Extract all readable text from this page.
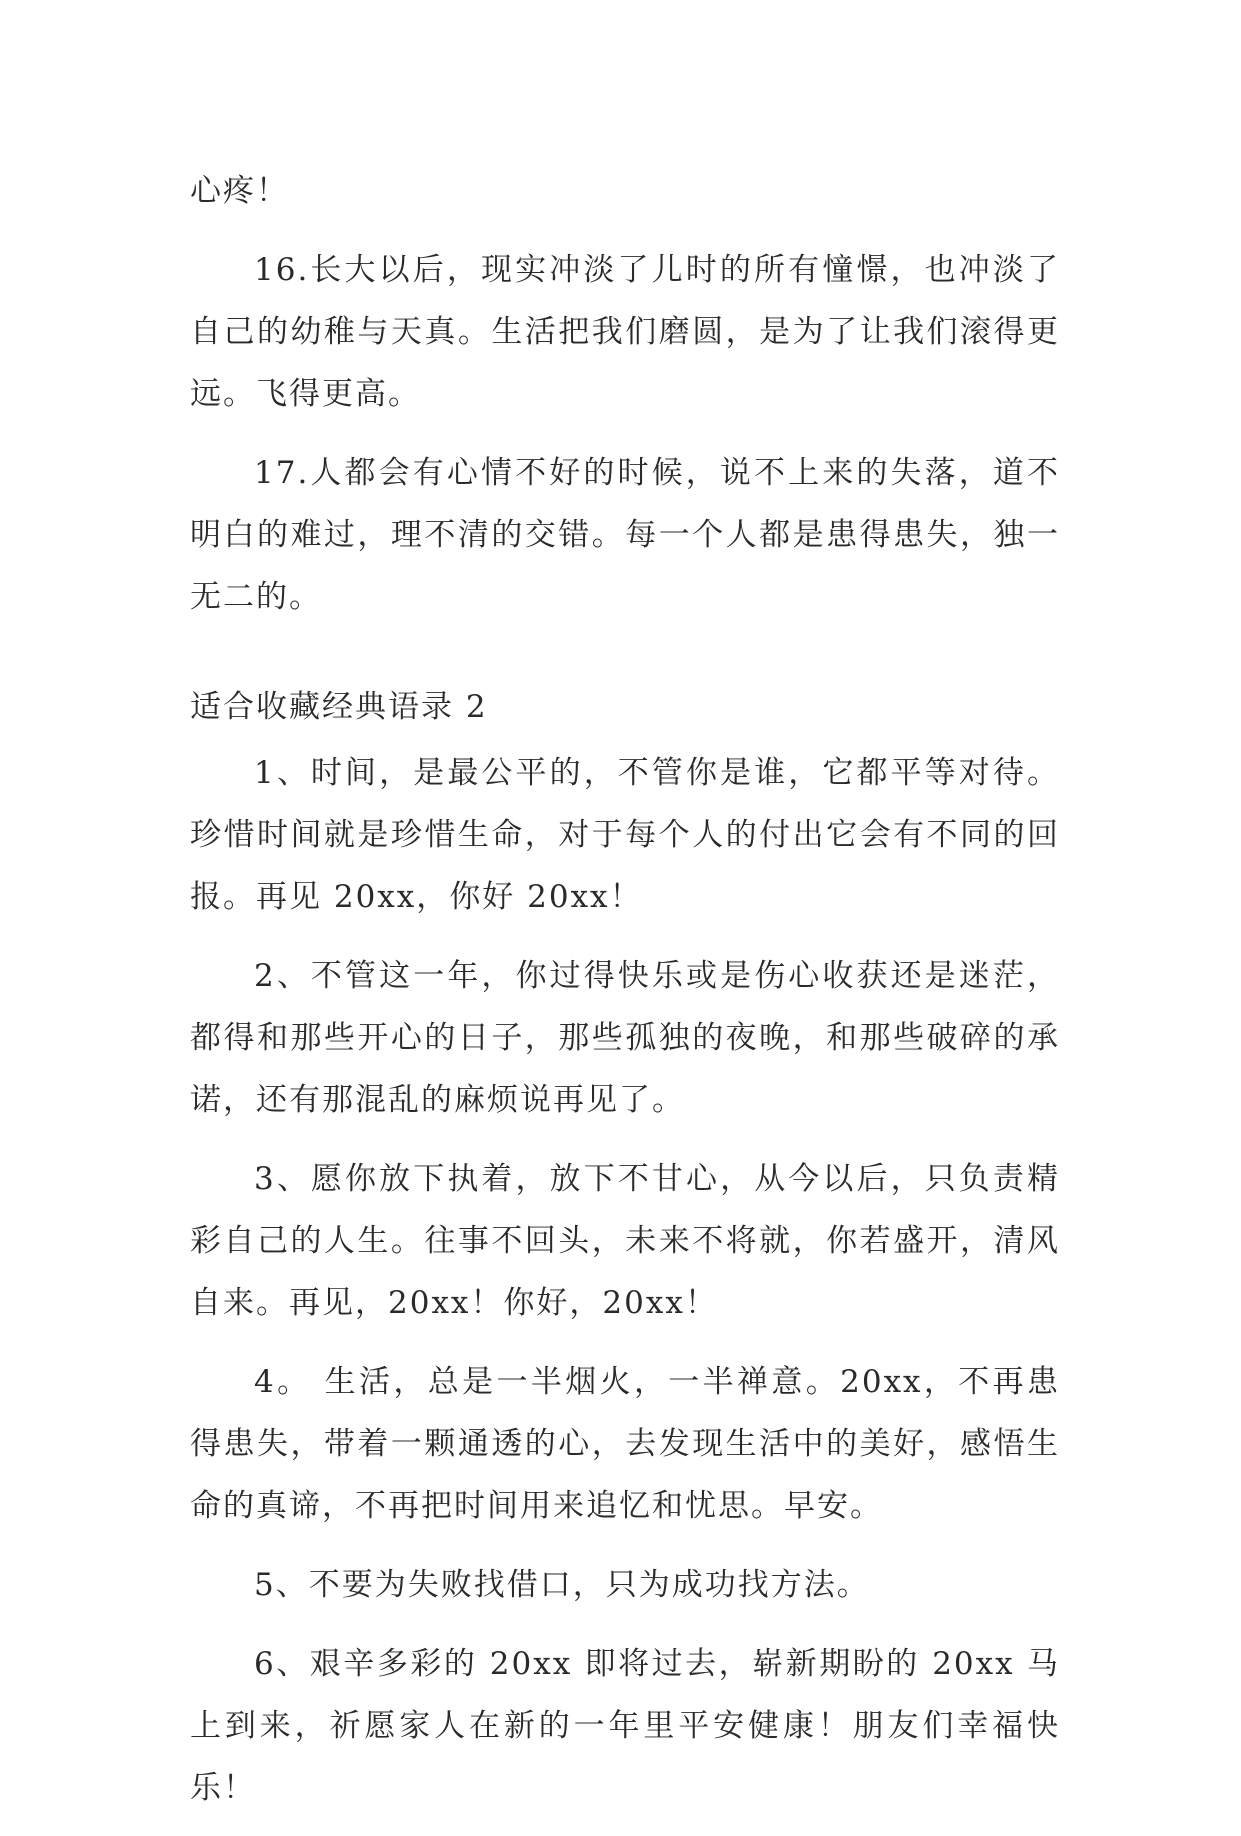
心疼！

16.长大以后，现实冲淡了儿时的所有憧憬，也冲淡了自己的幼稚与天真。生活把我们磨圆，是为了让我们滚得更远。飞得更高。

17.人都会有心情不好的时候，说不上来的失落，道不明白的难过，理不清的交错。每一个人都是患得患失，独一无二的。

适合收藏经典语录 2

1、时间，是最公平的，不管你是谁，它都平等对待。珍惜时间就是珍惜生命，对于每个人的付出它会有不同的回报。再见 20xx，你好 20xx！

2、不管这一年，你过得快乐或是伤心收获还是迷茫，都得和那些开心的日子，那些孤独的夜晚，和那些破碎的承诺，还有那混乱的麻烦说再见了。

3、愿你放下执着，放下不甘心，从今以后，只负责精彩自己的人生。往事不回头，未来不将就，你若盛开，清风自来。再见，20xx！你好，20xx！

4。 生活，总是一半烟火，一半禅意。20xx，不再患得患失，带着一颗通透的心，去发现生活中的美好，感悟生命的真谛，不再把时间用来追忆和忧思。早安。

5、不要为失败找借口，只为成功找方法。

6、艰辛多彩的 20xx 即将过去，崭新期盼的 20xx 马上到来，祈愿家人在新的一年里平安健康！朋友们幸福快乐！
